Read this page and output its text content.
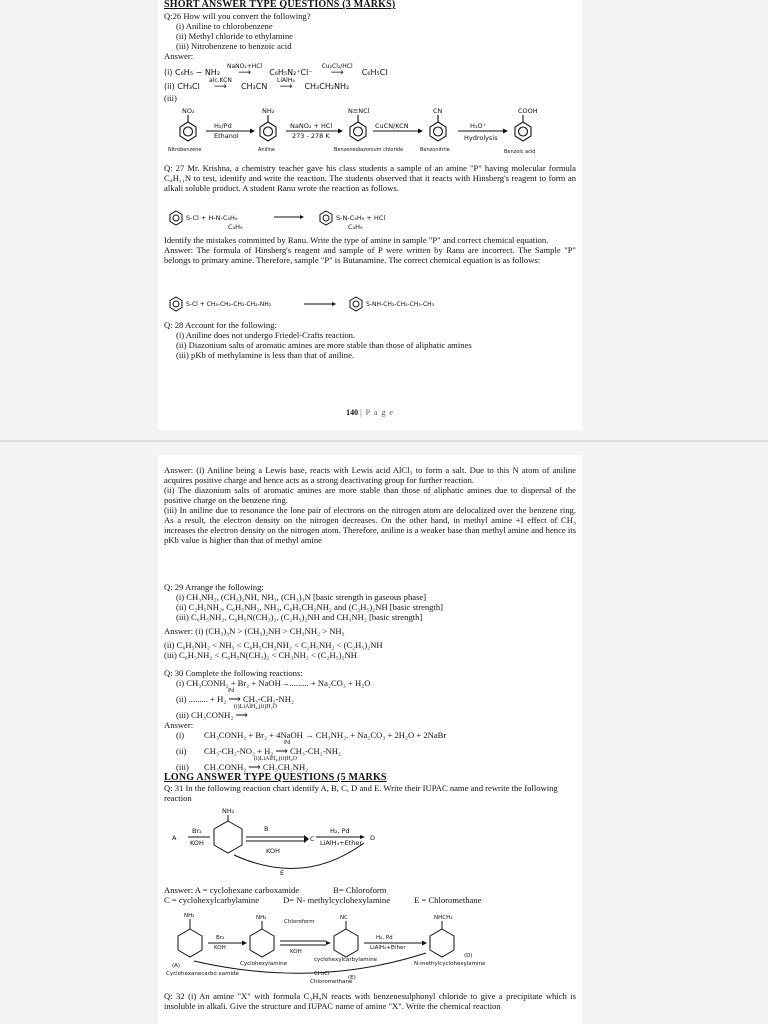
SHORT ANSWER TYPE QUESTIONS (3 MARKS)

Q:26 How will you convert the following?

(i) Aniline to chlorobenzene

(ii) Methyl chloride to ethylamine

(iii) Nitrobenzene to benzoic acid

Answer:

(i) C₆H₅ − NH₂
NaNO₂+HCl
⟶	C₆H₅N₂⁺Cl⁻
Cu₂Cl₂/HCl
⟶	C₆H₅Cl
(ii) CH₃Cl
alc.KCN
⟶	CH₃CN
LiAlH₄
⟶	CH₃CH₂NH₂

(iii)

NO₂	NH₂	N≡NCl	CN	COOH
H₂/Pd
Ethanol
NaNO₂ + HCl
273 - 278 K
CuCN/KCN	H₃O⁺
Hydrolysis
Nitrobenzene	Aniline	Benzenediazonium chloride	Benzonitrile	Benzoic acid

Q: 27 Mr. Krishna, a chemistry teacher gave his class students a sample of an amine "P" having molecular formula C₄H₁₁N to test, identify and write the reaction. The students observed that it reacts with Hinsberg's reagent to form an alkali soluble product. A student Ranu wrote the reaction as follows.

S-Cl + H-N-C₄H₉
C₄H₉
S-N-C₄H₉ + HCl
C₄H₉

Identify the mistakes committed by Ranu. Write the type of amine in sample "P" and correct chemical equation.

Answer: The formula of Hinsberg's reagent and sample of P were written by Ranu are incorrect. The Sample "P" belongs to primary amine. Therefore, sample "P" is Butanamine. The correct chemical equation is as follows:

S-Cl + CH₃-CH₂-CH₂-CH₂-NH₂	S-NH-CH₂-CH₂-CH₂-CH₃

Q: 28 Account for the following:

(i) Aniline does not undergo Friedel-Crafts reaction.

(ii) Diazonium salts of aromatic amines are more stable than those of aliphatic amines

(iii) pKb of methylamine is less than that of aniline.

140 | P a g e

Answer: (i) Aniline being a Lewis base, reacts with Lewis acid AlCl₃ to form a salt. Due to this N atom of aniline acquires positive charge and hence acts as a strong deactivating group for further reaction.

(ii) The diazonium salts of aromatic amines are more stable than those of aliphatic amines due to dispersal of the positive charge on the benzene ring.

(iii) In aniline due to resonance the lone pair of electrons on the nitrogen atom are delocalized over the benzene ring. As a result, the electron density on the nitrogen decreases. On the other hand, in methyl amine +I effect of CH₃ increases the electron density on the nitrogen atom. Therefore, aniline is a weaker base than methyl amine and hence its pKb value is higher than that of methyl amine

Q: 29 Arrange the following:

(i) CH₃NH₂, (CH₃)₂NH, NH₃, (CH₃)₃N [basic strength in gaseous phase]

(ii) C₂H₅NH₂, C₆H₅NH₂, NH₃, C₆H₅CH₂NH₂ and (C₂H₅)₂NH [basic strength]

(iii) C₆H₅NH₂, C₆H₅N(CH₃)₂, (C₂H₅)₂NH and CH₃NH₂ [basic strength]

Answer: (i) (CH₃)₃N > (CH₃)₂NH > CH₃NH₂ > NH₃

(ii) C₆H₅NH₂ < NH₃ < C₆H₅CH₂NH₂ < C₂H₅NH₂ < (C₂H₅)₂NH

(iii) C₆H₅NH₂ < C₆H₅N(CH₃)₂ < CH₃NH₂ < (C₂H₅)₂NH

Q: 30 Complete the following reactions:

(i) CH₃CONH₂ + Br₂ + NaOH→......... + Na₂CO₃ + H₂O

Pd

(ii) ......... + H₂ ⟶ CH₃-CH₂-NH₂

(i)LiAlH₄,(ii)H₂O

(iii) CH₃CONH₂ ⟶

Answer:

(i) CH₃CONH₂ + Br₂ + 4NaOH → CH₃NH₂. + Na₂CO₃ + 2H₂O + 2NaBr

Pd

(ii) CH₃-CH₂-NO₂ + H₂ ⟶ CH₃-CH₂-NH₂

(i)LiAlH₄,(ii)H₂O

(iii) CH₃CONH₂ ⟶ CH₃CH₂NH₂

LONG ANSWER TYPE QUESTIONS (5 MARKS

Q: 31 In the following reaction chart identify A, B, C, D and E. Write their IUPAC name and rewrite the following reaction

NH₂
A
Br₂
KOH
B
KOH
C
H₂, Pd
LiAlH₄+Ether
D
E

Answer: A = cyclohexane carboxamide	B= Chloroform

C = cyclohexylcarbylamine	D= N- methylcyclohexylamine	E = Chloromethane

NH₂	NC	NHCH₃
NH₂
Chloroform
KOH
Br₂
KOH
H₂, Pd
LiAlH₄+Ether
Cyclohexylamine
cyclohexylcarbylamine
N-methylcyclohexylamine
CH₃Cl
Chloromethane
(A)
Cyclohexanecarbo xamide
(D)
(E)

Q: 32 (i) An amine "X" with formula C₃H₉N reacts with benzenesulphonyl chloride to give a precipitate which is insoluble in alkali. Give the structure and IUPAC name of amine "X". Write the chemical reaction
